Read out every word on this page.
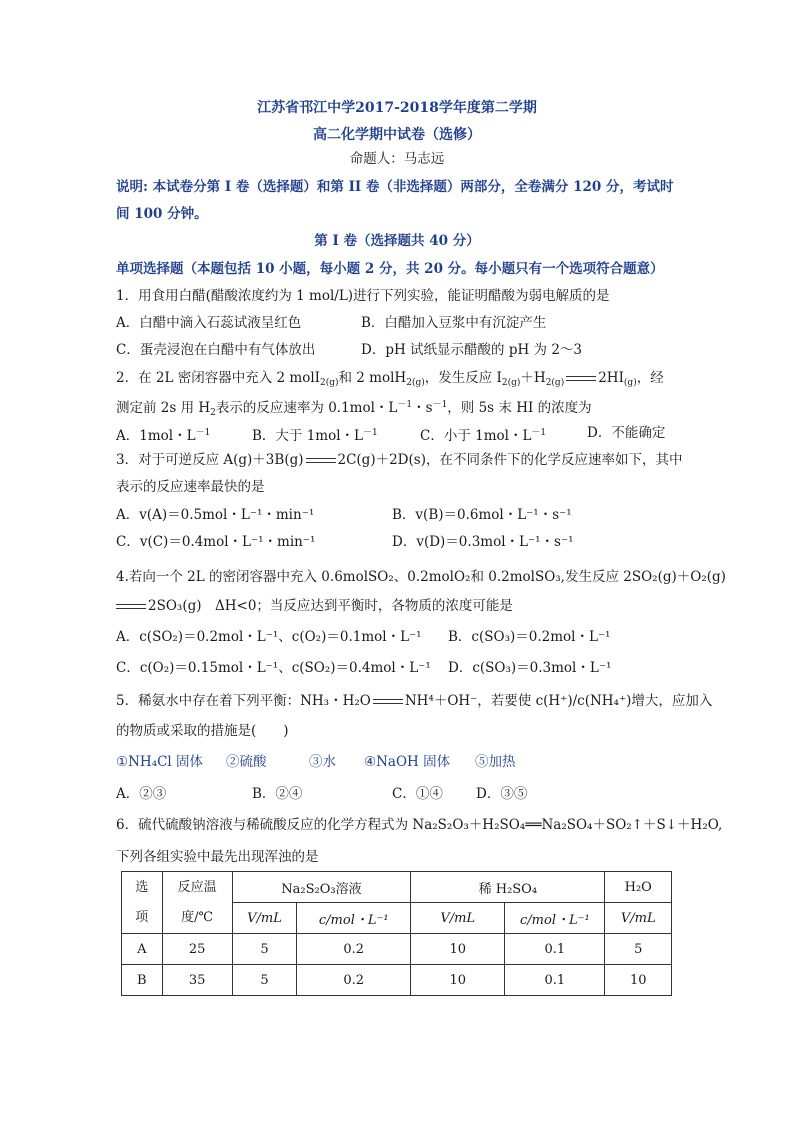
江苏省邗江中学2017-2018学年度第二学期
高二化学期中试卷（选修）
命题人：马志远
说明: 本试卷分第 I 卷（选择题）和第 II 卷（非选择题）两部分，全卷满分 120 分，考试时
间 100 分钟。
第 I 卷（选择题共 40 分）
单项选择题（本题包括 10 小题，每小题 2 分，共 20 分。每小题只有一个选项符合题意）
1．用食用白醋(醋酸浓度约为 1 mol/L)进行下列实验，能证明醋酸为弱电解质的是
A．白醋中滴入石蕊试液呈红色	B．白醋加入豆浆中有沉淀产生
C．蛋壳浸泡在白醋中有气体放出	D．pH 试纸显示醋酸的 pH 为 2～3
2．在 2L 密闭容器中充入 2 molI$_{2(g)}$和 2 molH$_{2(g)}$，发生反应 $I_{2(g)}+H_{2(g)}$	$2HI_{(g)}$，经
测定前 2s 用 $H_2$表示的反应速率为 0.1mol・$L^{-1}$・$s^{-1}$，则 5s 末 HI 的浓度为
A．1mol・$L^{-1}$	B．大于 1mol・$L^{-1}$	C．小于 1mol・$L^{-1}$	D．不能确定
3．对于可逆反应 A(g)＋3B(g)	2C(g)＋2D(s)，在不同条件下的化学反应速率如下，其中
表示的反应速率最快的是
A．v(A)＝0.5mol・L⁻¹・min⁻¹	B．v(B)＝0.6mol・L⁻¹・s⁻¹
C．v(C)＝0.4mol・L⁻¹・min⁻¹	D．v(D)＝0.3mol・L⁻¹・s⁻¹
4.若向一个 2L 的密闭容器中充入 0.6molSO₂、0.2molO₂和 0.2molSO₃,发生反应 2SO₂(g)＋O₂(g)
2SO₃(g)　ΔH<0；当反应达到平衡时，各物质的浓度可能是
A．c(SO₂)＝0.2mol・L⁻¹、c(O₂)＝0.1mol・L⁻¹ B．c(SO₃)＝0.2mol・L⁻¹
C．c(O₂)＝0.15mol・L⁻¹、c(SO₂)＝0.4mol・L⁻¹ D．c(SO₃)＝0.3mol・L⁻¹
5．稀氨水中存在着下列平衡：NH₃・H₂O	NH⁴＋OH⁻，若要使 c(H⁺)/c(NH₄⁺)增大，应加入
的物质或采取的措施是(　　)
①NH₄Cl 固体 ②硫酸	③水 ④NaOH 固体 ⑤加热
A．②③	B．②④	C．①④ D．③⑤
6．硫代硫酸钠溶液与稀硫酸反应的化学方程式为 Na₂S₂O₃＋H₂SO₄══Na₂SO₄＋SO₂↑＋S↓＋H₂O,
下列各组实验中最先出现浑浊的是
选
项	反应温
度/℃	Na₂S₂O₃溶液		稀 H₂SO₄		H₂O
		V/mL	c/mol・L⁻¹	V/mL	c/mol・L⁻¹	V/mL
A	25	5	0.2	10	0.1	5
B	35	5	0.2	10	0.1	10
